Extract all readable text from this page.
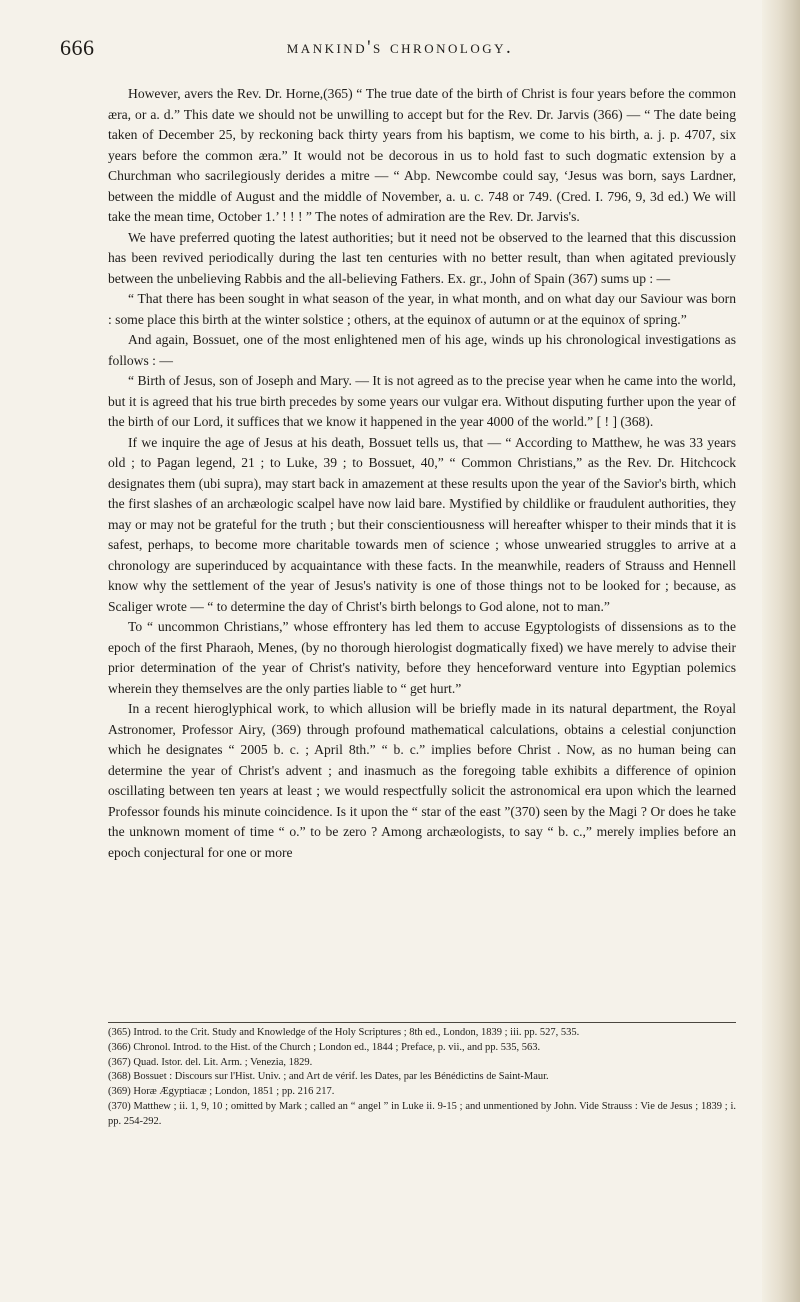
666	mankind's chronology.

However, avers the Rev. Dr. Horne,(365) “ The true date of the birth of Christ is four years before the common æra, or a. d.” This date we should not be unwilling to accept but for the Rev. Dr. Jarvis (366) — “ The date being taken of December 25, by reckoning back thirty years from his baptism, we come to his birth, a. j. p. 4707, six years before the common æra.” It would not be decorous in us to hold fast to such dogmatic extension by a Churchman who sacrilegiously derides a mitre — “ Abp. Newcombe could say, ‘Jesus was born, says Lardner, between the middle of August and the middle of November, a. u. c. 748 or 749. (Cred. I. 796, 9, 3d ed.) We will take the mean time, October 1.’ ! ! ! ” The notes of admiration are the Rev. Dr. Jarvis's.

We have preferred quoting the latest authorities; but it need not be observed to the learned that this discussion has been revived periodically during the last ten centuries with no better result, than when agitated previously between the unbelieving Rabbis and the all-believing Fathers. Ex. gr., John of Spain (367) sums up : —

“ That there has been sought in what season of the year, in what month, and on what day our Saviour was born : some place this birth at the winter solstice ; others, at the equinox of autumn or at the equinox of spring.”

And again, Bossuet, one of the most enlightened men of his age, winds up his chronological investigations as follows : —

“ Birth of Jesus, son of Joseph and Mary. — It is not agreed as to the precise year when he came into the world, but it is agreed that his true birth precedes by some years our vulgar era. Without disputing further upon the year of the birth of our Lord, it suffices that we know it happened in the year 4000 of the world.” [ ! ] (368).

If we inquire the age of Jesus at his death, Bossuet tells us, that — “ According to Matthew, he was 33 years old ; to Pagan legend, 21 ; to Luke, 39 ; to Bossuet, 40,” “ Common Christians,” as the Rev. Dr. Hitchcock designates them (ubi supra), may start back in amazement at these results upon the year of the Savior's birth, which the first slashes of an archæologic scalpel have now laid bare. Mystified by childlike or fraudulent authorities, they may or may not be grateful for the truth ; but their conscientiousness will hereafter whisper to their minds that it is safest, perhaps, to become more charitable towards men of science ; whose unwearied struggles to arrive at a chronology are superinduced by acquaintance with these facts. In the meanwhile, readers of Strauss and Hennell know why the settlement of the year of Jesus's nativity is one of those things not to be looked for ; because, as Scaliger wrote — “ to determine the day of Christ's birth belongs to God alone, not to man.”

To “ uncommon Christians,” whose effrontery has led them to accuse Egyptologists of dissensions as to the epoch of the first Pharaoh, Menes, (by no thorough hierologist dogmatically fixed) we have merely to advise their prior determination of the year of Christ's nativity, before they henceforward venture into Egyptian polemics wherein they themselves are the only parties liable to “ get hurt.”

In a recent hieroglyphical work, to which allusion will be briefly made in its natural department, the Royal Astronomer, Professor Airy, (369) through profound mathematical calculations, obtains a celestial conjunction which he designates “ 2005 b. c. ; April 8th.” “ b. c.” implies before Christ . Now, as no human being can determine the year of Christ's advent ; and inasmuch as the foregoing table exhibits a difference of opinion oscillating between ten years at least ; we would respectfully solicit the astronomical era upon which the learned Professor founds his minute coincidence. Is it upon the “ star of the east ”(370) seen by the Magi ? Or does he take the unknown moment of time “ o.” to be zero ? Among archæologists, to say “ b. c.,” merely implies before an epoch conjectural for one or more

(365) Introd. to the Crit. Study and Knowledge of the Holy Scriptures ; 8th ed., London, 1839 ; iii. pp. 527, 535.
(366) Chronol. Introd. to the Hist. of the Church ; London ed., 1844 ; Preface, p. vii., and pp. 535, 563.
(367) Quad. Istor. del. Lit. Arm. ; Venezia, 1829.
(368) Bossuet : Discours sur l'Hist. Univ. ; and Art de vérif. les Dates, par les Bénédictins de Saint-Maur.
(369) Horæ Ægyptiacæ ; London, 1851 ; pp. 216 217.
(370) Matthew ; ii. 1, 9, 10 ; omitted by Mark ; called an “ angel ” in Luke ii. 9-15 ; and unmentioned by John. Vide Strauss : Vie de Jesus ; 1839 ; i. pp. 254-292.
